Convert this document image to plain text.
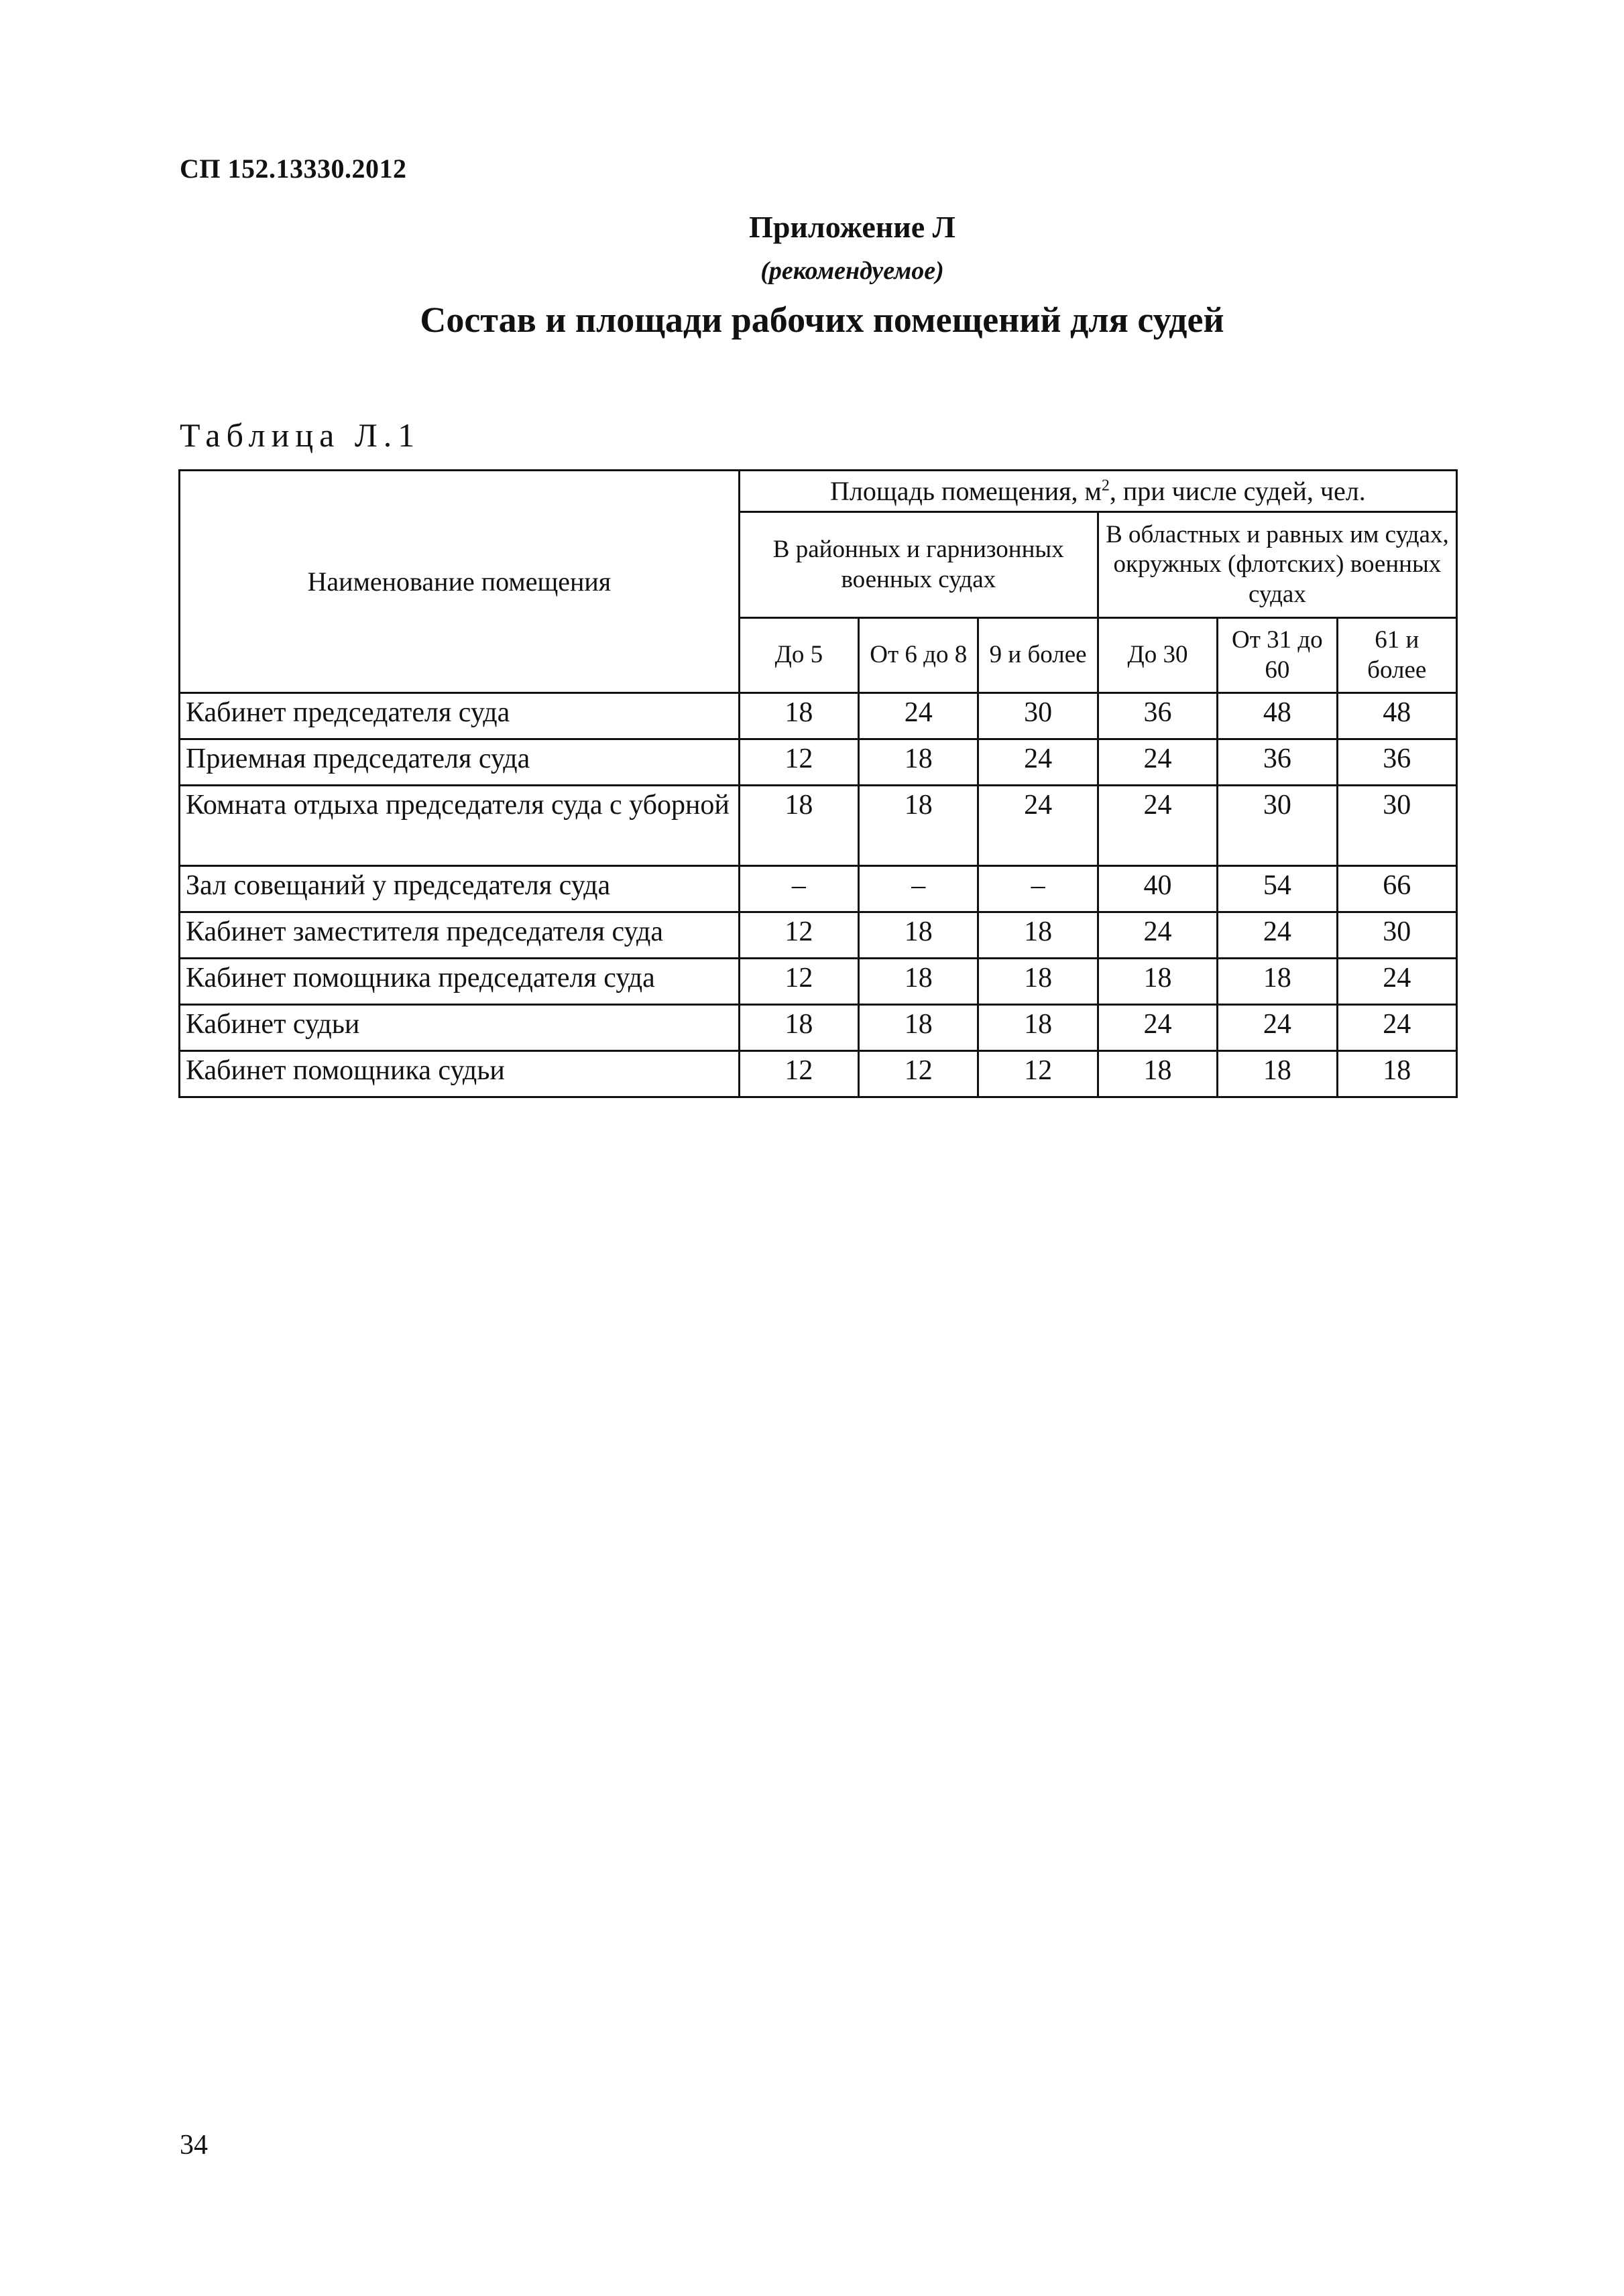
СП 152.13330.2012
Приложение Л
(рекомендуемое)
Состав и площади рабочих помещений для судей
Таблица Л.1
Наименование помещения	Площадь помещения, $м^2$, при числе судей, чел.					
	В районных и гарнизонных военных судах			В областных и равных им судах, окружных (флотских) военных судах		
	До 5	От 6 до 8	9 и более	До 30	От 31 до 60	61 и более
Кабинет председателя суда	18	24	30	36	48	48
Приемная председателя суда	12	18	24	24	36	36
Комната отдыха председателя суда с уборной	18	18	24	24	30	30
Зал совещаний у председателя суда	–	–	–	40	54	66
Кабинет заместителя председателя суда	12	18	18	24	24	30
Кабинет помощника председателя суда	12	18	18	18	18	24
Кабинет судьи	18	18	18	24	24	24
Кабинет помощника судьи	12	12	12	18	18	18
34
